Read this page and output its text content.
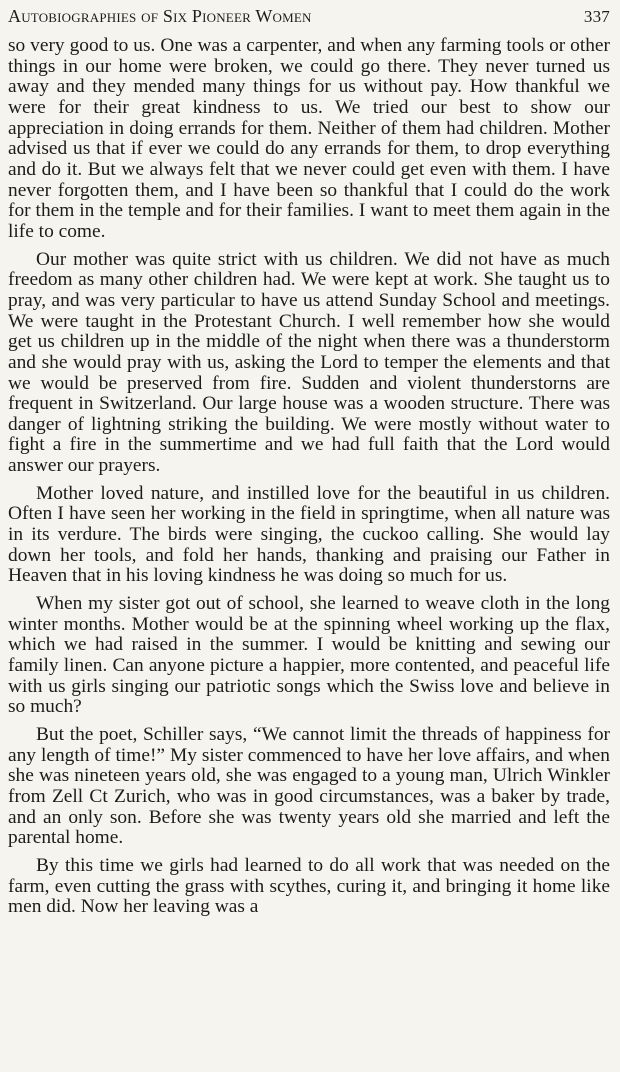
Autobiographies of Six Pioneer Women	337

so very good to us. One was a carpenter, and when any farming tools or other things in our home were broken, we could go there. They never turned us away and they mended many things for us without pay. How thankful we were for their great kindness to us. We tried our best to show our appreciation in doing errands for them. Neither of them had children. Mother advised us that if ever we could do any errands for them, to drop everything and do it. But we always felt that we never could get even with them. I have never forgotten them, and I have been so thankful that I could do the work for them in the temple and for their families. I want to meet them again in the life to come.

Our mother was quite strict with us children. We did not have as much freedom as many other children had. We were kept at work. She taught us to pray, and was very particular to have us attend Sunday School and meetings. We were taught in the Protestant Church. I well remember how she would get us children up in the middle of the night when there was a thunderstorm and she would pray with us, asking the Lord to temper the elements and that we would be preserved from fire. Sudden and violent thunderstorns are frequent in Switzerland. Our large house was a wooden structure. There was danger of lightning striking the building. We were mostly without water to fight a fire in the summertime and we had full faith that the Lord would answer our prayers.

Mother loved nature, and instilled love for the beautiful in us children. Often I have seen her working in the field in springtime, when all nature was in its verdure. The birds were singing, the cuckoo calling. She would lay down her tools, and fold her hands, thanking and praising our Father in Heaven that in his loving kindness he was doing so much for us.

When my sister got out of school, she learned to weave cloth in the long winter months. Mother would be at the spinning wheel working up the flax, which we had raised in the summer. I would be knitting and sewing our family linen. Can anyone picture a happier, more contented, and peaceful life with us girls singing our patriotic songs which the Swiss love and believe in so much?

But the poet, Schiller says, “We cannot limit the threads of happiness for any length of time!” My sister commenced to have her love affairs, and when she was nineteen years old, she was engaged to a young man, Ulrich Winkler from Zell Ct Zurich, who was in good circumstances, was a baker by trade, and an only son. Before she was twenty years old she married and left the parental home.

By this time we girls had learned to do all work that was needed on the farm, even cutting the grass with scythes, curing it, and bringing it home like men did. Now her leaving was a
